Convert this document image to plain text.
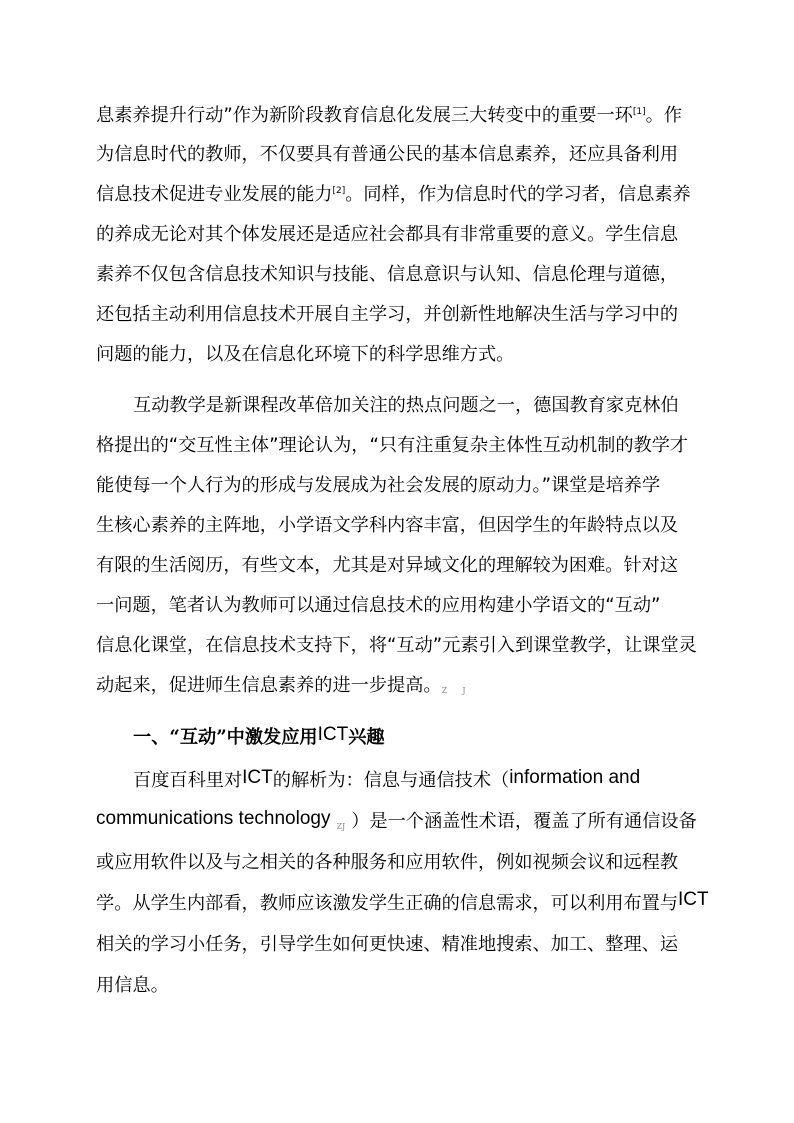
息素养提升行动”作为新阶段教育信息化发展三大转变中的重要一环[1]。作

为信息时代的教师，不仅要具有普通公民的基本信息素养，还应具备利用

信息技术促进专业发展的能力[2]。同样，作为信息时代的学习者，信息素养

的养成无论对其个体发展还是适应社会都具有非常重要的意义。学生信息

素养不仅包含信息技术知识与技能、信息意识与认知、信息伦理与道德，

还包括主动利用信息技术开展自主学习，并创新性地解决生活与学习中的

问题的能力，以及在信息化环境下的科学思维方式。

互动教学是新课程改革倍加关注的热点问题之一，德国教育家克林伯

格提出的“交互性主体”理论认为，“只有注重复杂主体性互动机制的教学才

能使每一个人行为的形成与发展成为社会发展的原动力。”课堂是培养学

生核心素养的主阵地，小学语文学科内容丰富，但因学生的年龄特点以及

有限的生活阅历，有些文本，尤其是对异域文化的理解较为困难。针对这

一问题，笔者认为教师可以通过信息技术的应用构建小学语文的“互动”

信息化课堂，在信息技术支持下，将“互动”元素引入到课堂教学，让课堂灵

动起来，促进师生信息素养的进一步提高。Z      J

一、“互动”中激发应用ICT兴趣

百度百科里对ICT的解析为：信息与通信技术（information and

communications technology ZJ ）是一个涵盖性术语，覆盖了所有通信设备

或应用软件以及与之相关的各种服务和应用软件，例如视频会议和远程教

学。从学生内部看，教师应该激发学生正确的信息需求，可以利用布置与ICT

相关的学习小任务，引导学生如何更快速、精准地搜索、加工、整理、运

用信息。
